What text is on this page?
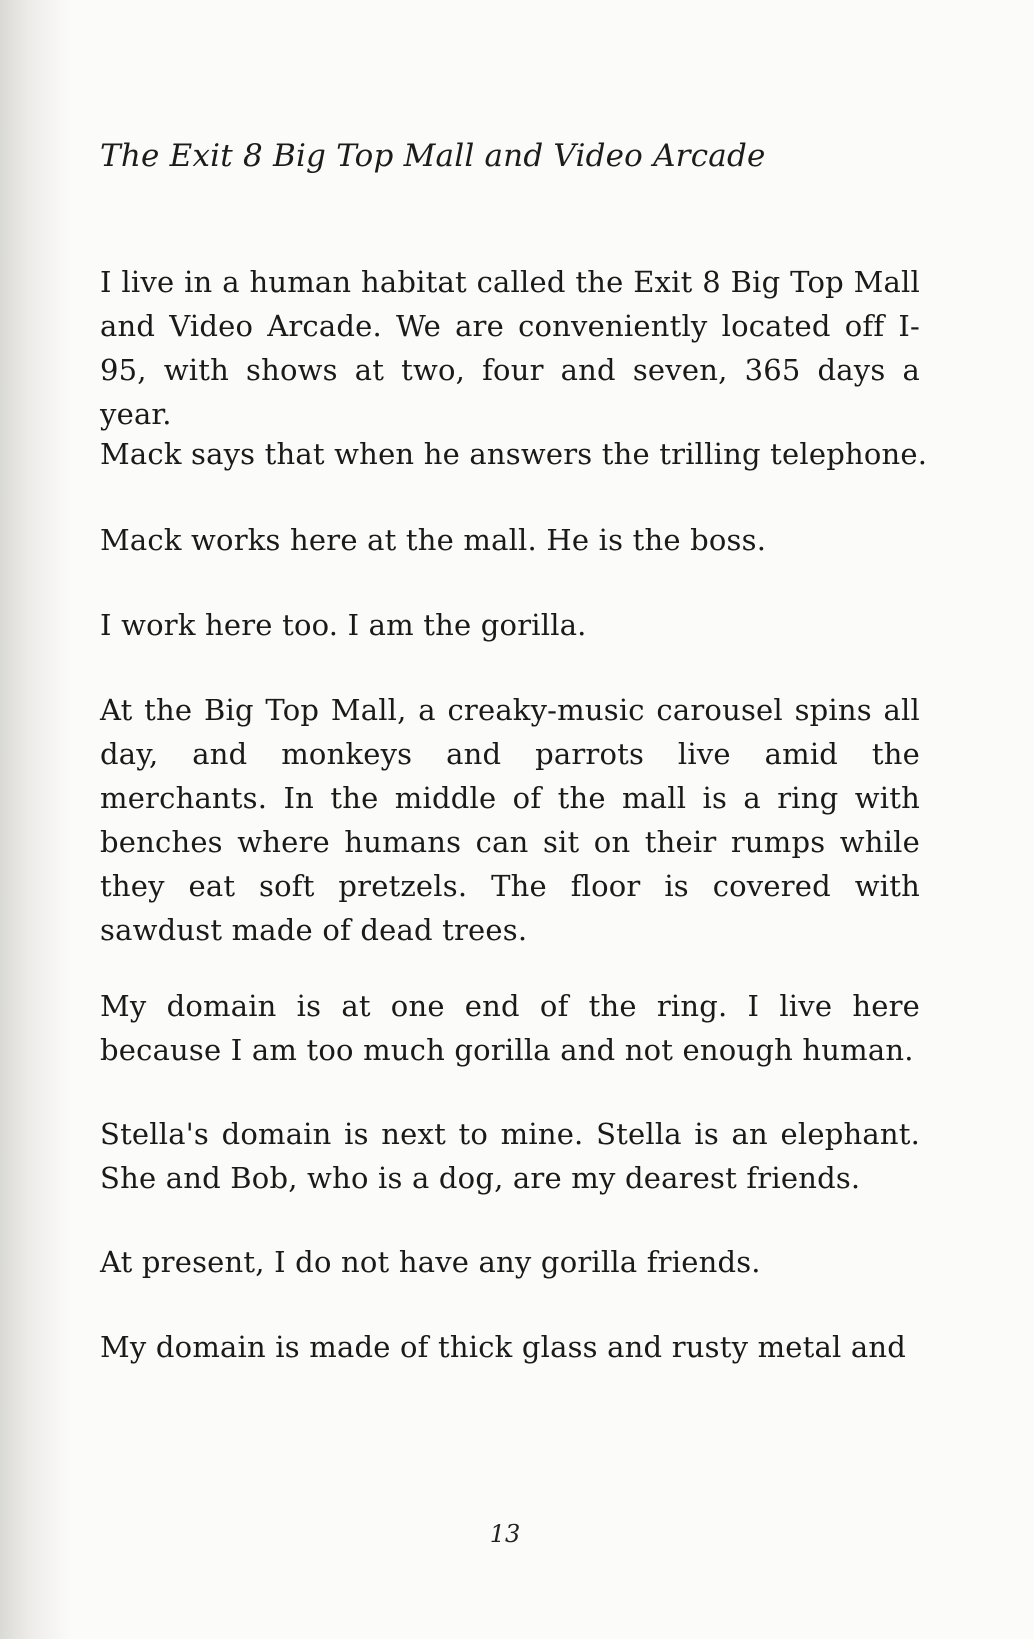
The Exit 8 Big Top Mall and Video Arcade

I live in a human habitat called the Exit 8 Big Top Mall and Video Arcade. We are conveniently located off I-95, with shows at two, four and seven, 365 days a year.

Mack says that when he answers the trilling telephone.

Mack works here at the mall. He is the boss.

I work here too. I am the gorilla.

At the Big Top Mall, a creaky-music carousel spins all day, and monkeys and parrots live amid the merchants. In the middle of the mall is a ring with benches where humans can sit on their rumps while they eat soft pretzels. The floor is covered with sawdust made of dead trees.

My domain is at one end of the ring. I live here because I am too much gorilla and not enough human.

Stella's domain is next to mine. Stella is an elephant. She and Bob, who is a dog, are my dearest friends.

At present, I do not have any gorilla friends.

My domain is made of thick glass and rusty metal and

13
